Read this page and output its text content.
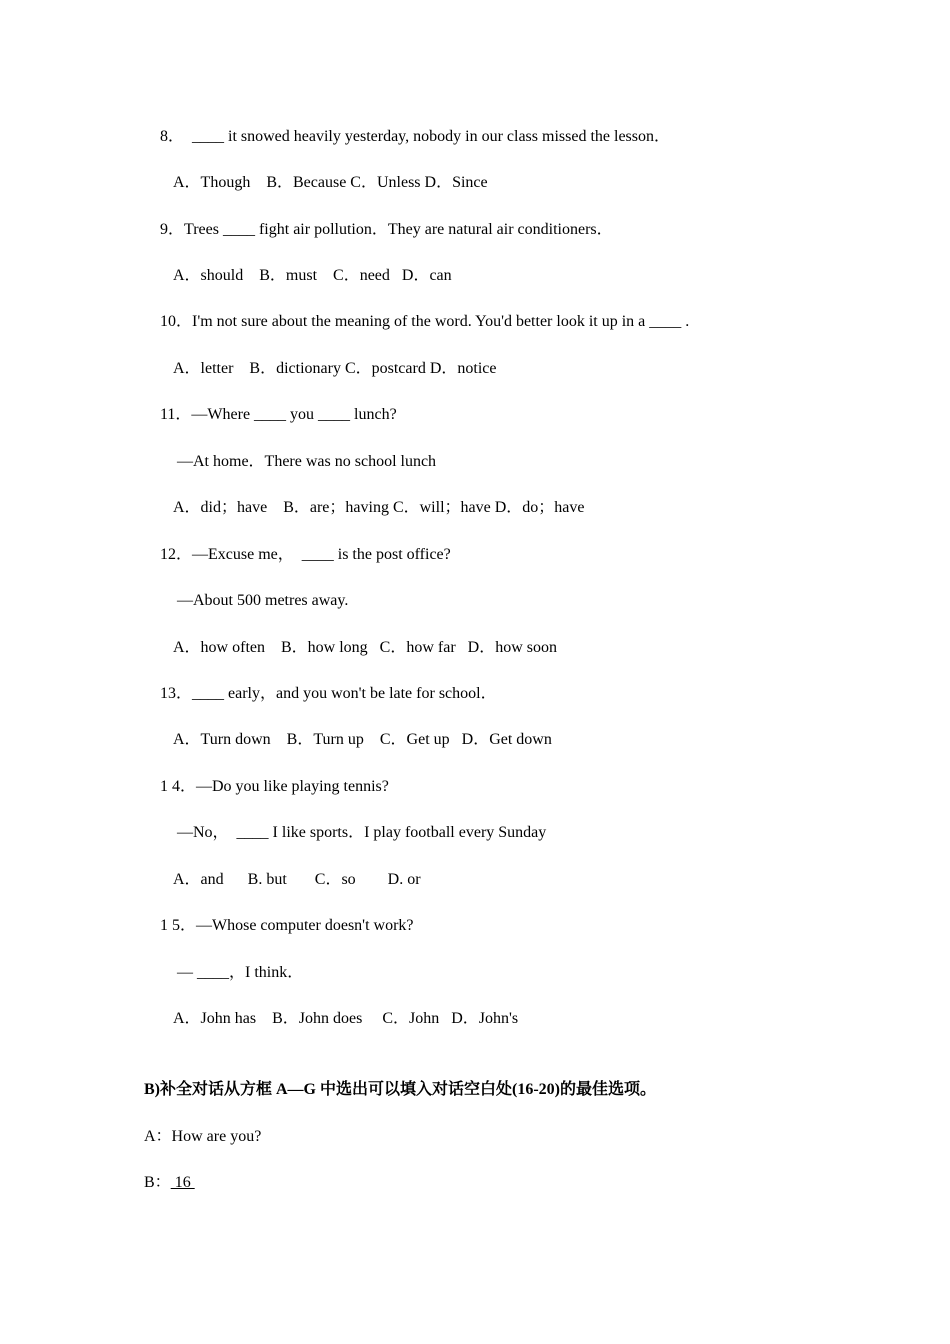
8．  ____ it snowed heavily yesterday, nobody in our class missed the lesson．
A．Though    B．Because C．Unless D．Since
9．Trees ____ fight air pollution．They are natural air conditioners．
A．should    B．must    C．need   D．can
10．I'm not sure about the meaning of the word. You'd better look it up in a ____ .
A．letter    B．dictionary C．postcard D．notice
11．—Where ____ you ____ lunch?
—At home．There was no school lunch
A．did；have    B．are；having C．will；have D．do；have
12．—Excuse me，  ____ is the post office?
—About 500 metres away.
A．how often    B．how long   C．how far   D．how soon
13．____ early，and you won't be late for school．
A．Turn down    B．Turn up    C．Get up   D．Get down
1 4．—Do you like playing tennis?
—No，  ____ I like sports．I play football every Sunday
A．and      B. but       C．so        D. or
1 5．—Whose computer doesn't work?
— ____，I think．
A．John has    B．John does     C．John   D．John's
B)补全对话从方框 A—G 中选出可以填入对话空白处(16-20)的最佳选项。
A：How are you?
B： 16
